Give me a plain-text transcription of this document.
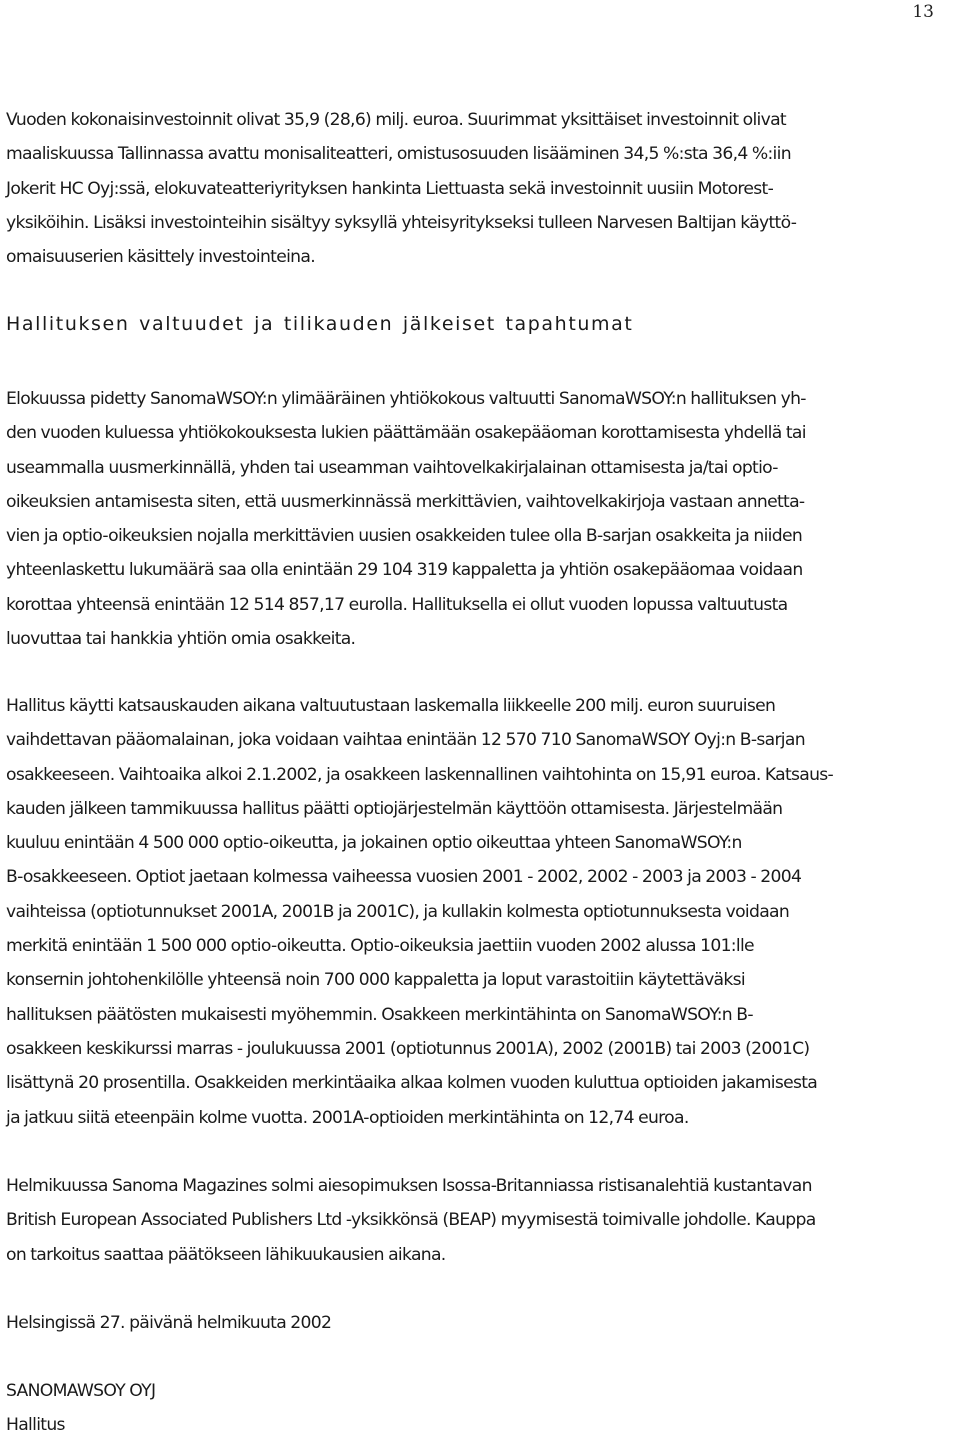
13

Vuoden kokonaisinvestoinnit olivat 35,9 (28,6) milj. euroa. Suurimmat yksittäiset investoinnit olivat
maaliskuussa Tallinnassa avattu monisaliteatteri, omistusosuuden lisääminen 34,5 %:sta 36,4 %:iin
Jokerit HC Oyj:ssä, elokuvateatteriyrityksen hankinta Liettuasta sekä investoinnit uusiin Motorest-
yksiköihin. Lisäksi investointeihin sisältyy syksyllä yhteisyritykseksi tulleen Narvesen Baltijan käyttö-
omaisuuserien käsittely investointeina.

Hallituksen valtuudet ja tilikauden jälkeiset tapahtumat

Elokuussa pidetty SanomaWSOY:n ylimääräinen yhtiökokous valtuutti SanomaWSOY:n hallituksen yh-
den vuoden kuluessa yhtiökokouksesta lukien päättämään osakepääoman korottamisesta yhdellä tai
useammalla uusmerkinnällä, yhden tai useamman vaihtovelkakirjalainan ottamisesta ja/tai optio-
oikeuksien antamisesta siten, että uusmerkinnässä merkittävien, vaihtovelkakirjoja vastaan annetta-
vien ja optio-oikeuksien nojalla merkittävien uusien osakkeiden tulee olla B-sarjan osakkeita ja niiden
yhteenlaskettu lukumäärä saa olla enintään 29 104 319 kappaletta ja yhtiön osakepääomaa voidaan
korottaa yhteensä enintään 12 514 857,17 eurolla. Hallituksella ei ollut vuoden lopussa valtuutusta
luovuttaa tai hankkia yhtiön omia osakkeita.

Hallitus käytti katsauskauden aikana valtuutustaan laskemalla liikkeelle 200 milj. euron suuruisen
vaihdettavan pääomalainan, joka voidaan vaihtaa enintään 12 570 710 SanomaWSOY Oyj:n B-sarjan
osakkeeseen. Vaihtoaika alkoi 2.1.2002, ja osakkeen laskennallinen vaihtohinta on 15,91 euroa. Katsaus-
kauden jälkeen tammikuussa hallitus päätti optiojärjestelmän käyttöön ottamisesta. Järjestelmään
kuuluu enintään 4 500 000 optio-oikeutta, ja jokainen optio oikeuttaa yhteen SanomaWSOY:n
B-osakkeeseen. Optiot jaetaan kolmessa vaiheessa vuosien 2001 - 2002, 2002 - 2003 ja 2003 - 2004
vaihteissa (optiotunnukset 2001A, 2001B ja 2001C), ja kullakin kolmesta optiotunnuksesta voidaan
merkitä enintään 1 500 000 optio-oikeutta. Optio-oikeuksia jaettiin vuoden 2002 alussa 101:lle
konsernin johtohenkilölle yhteensä noin 700 000 kappaletta ja loput varastoitiin käytettäväksi
hallituksen päätösten mukaisesti myöhemmin. Osakkeen merkintähinta on SanomaWSOY:n B-
osakkeen keskikurssi marras - joulukuussa 2001 (optiotunnus 2001A), 2002 (2001B) tai 2003 (2001C)
lisättynä 20 prosentilla. Osakkeiden merkintäaika alkaa kolmen vuoden kuluttua optioiden jakamisesta
ja jatkuu siitä eteenpäin kolme vuotta. 2001A-optioiden merkintähinta on 12,74 euroa.

Helmikuussa Sanoma Magazines solmi aiesopimuksen Isossa-Britanniassa ristisanalehtiä kustantavan
British European Associated Publishers Ltd -yksikkönsä (BEAP) myymisestä toimivalle johdolle. Kauppa
on tarkoitus saattaa päätökseen lähikuukausien aikana.

Helsingissä 27. päivänä helmikuuta 2002

SANOMAWSOY OYJ
Hallitus
